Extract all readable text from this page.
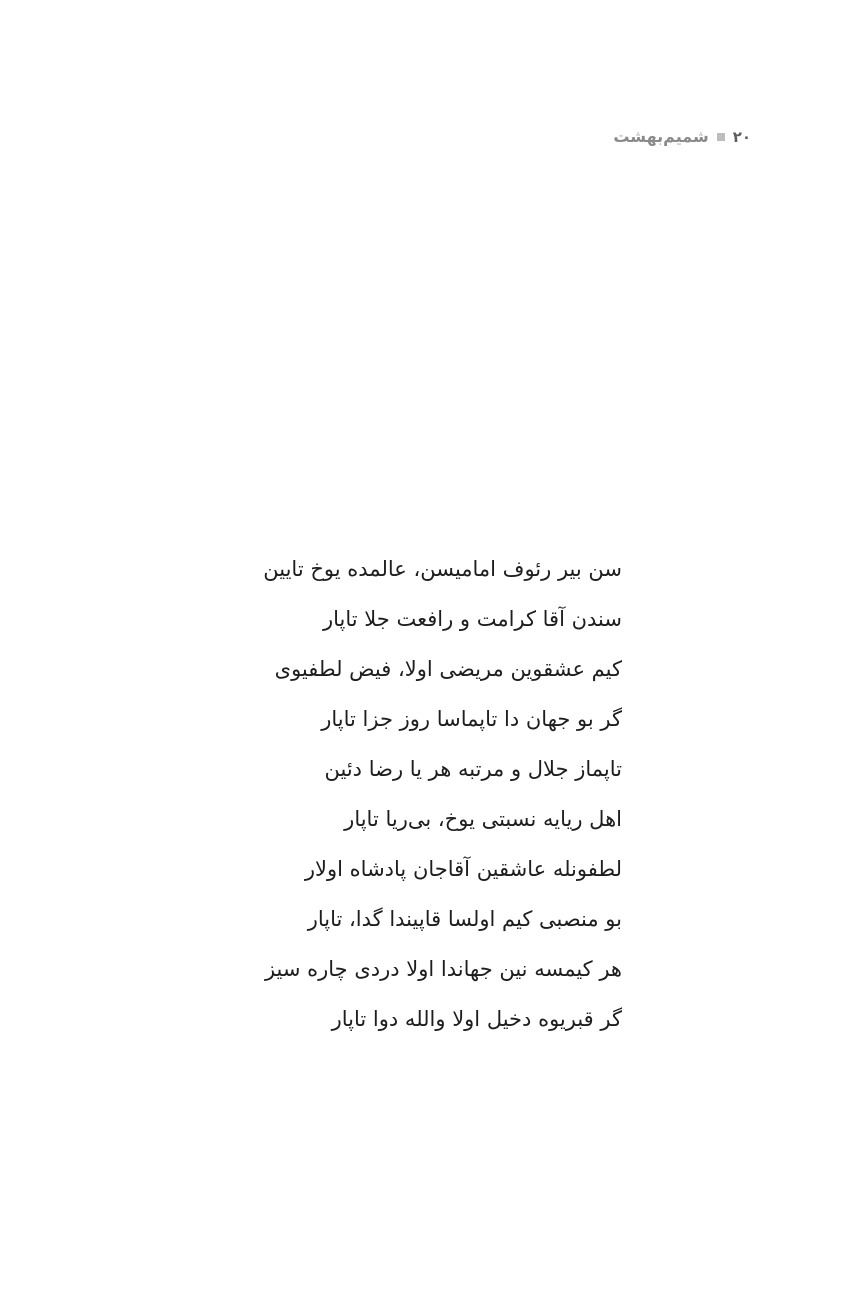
۲۰
شمیم‌بهشت
سن بیر رئوف امامیسن، عالمده یوخ تایین
سندن آقا کرامت و رافعت جلا تاپار
کیم عشقوین مریضی اولا، فیض لطفیوی
گر بو جهان دا تاپماسا روز جزا تاپار
تاپماز جلال و مرتبه هر یا رضا دئین
اهل ریایه نسبتی یوخ، بی‌ریا تاپار
لطفونله عاشقین آقاجان پادشاه اولار
بو منصبی کیم اولسا قاپیندا گدا، تاپار
هر کیمسه نین جهاندا اولا دردی چاره سیز
گر قبریوه دخیل اولا والله دوا تاپار
